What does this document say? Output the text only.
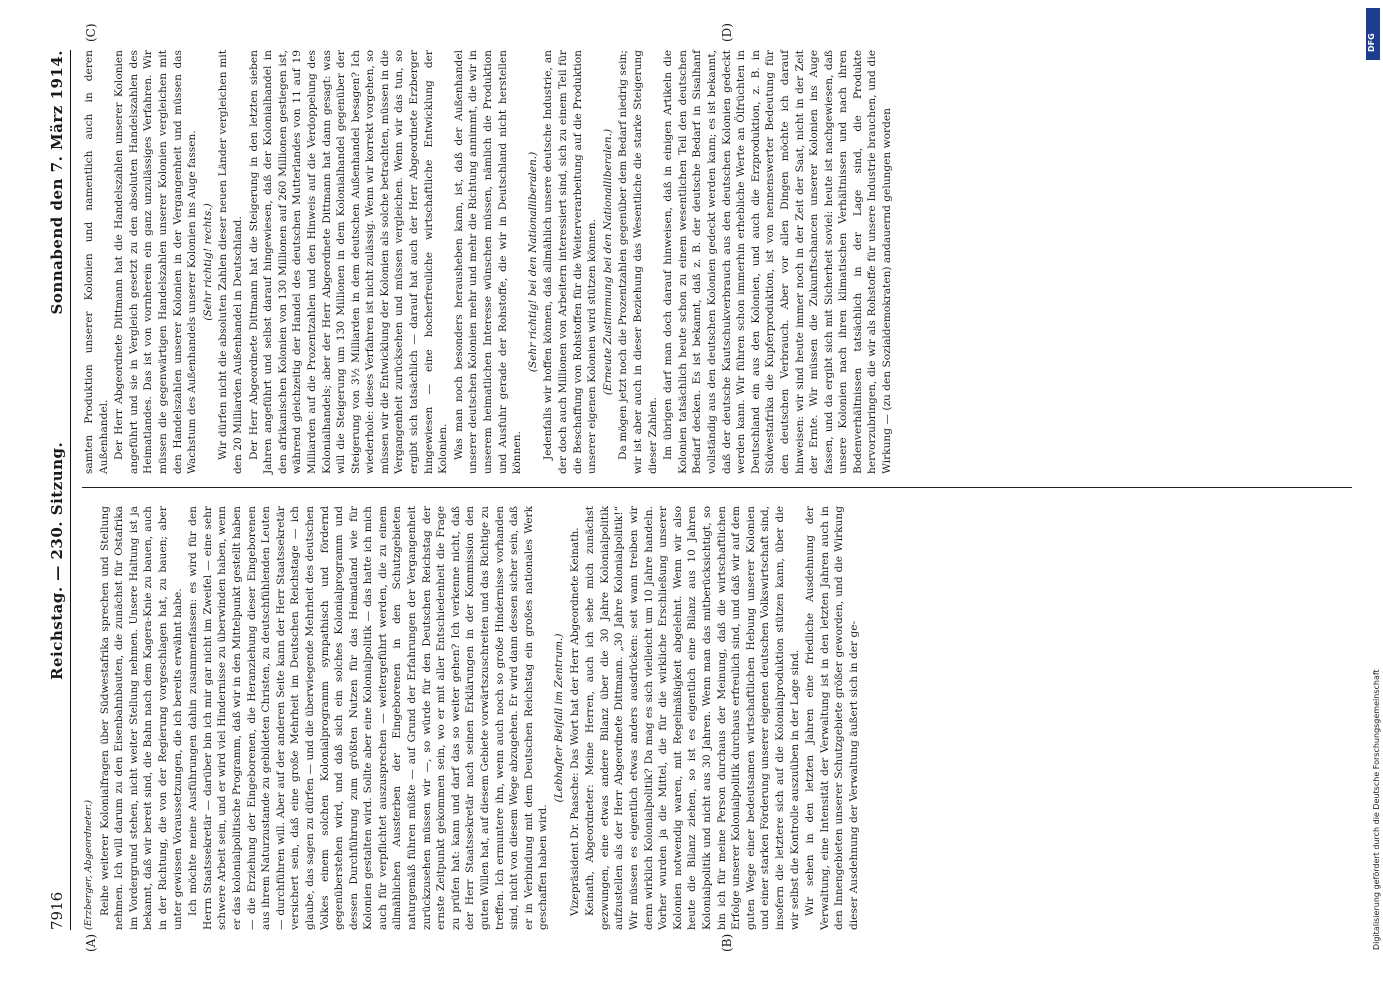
7916
Reichstag. — 230. Sitzung.
Sonnabend den 7. März 1914.
(A)	(B)
(C)	(D)

(Erzberger, Abgeordneter.) Reihe weiterer Kolonialfragen über Südwestafrika sprechen und Stellung nehmen. Ich will darum zu den Eisenbahnbauten, die zunächst für Ostafrika im Vordergrund stehen, nicht weiter Stellung nehmen. Unsere Haltung ist ja bekannt, daß wir bereit sind, die Bahn nach dem Kagera-Knie zu bauen, auch in der Richtung, die von der Regierung vorgeschlagen hat, zu bauen; aber unter gewissen Voraussetzungen, die ich bereits erwähnt habe. Ich möchte meine Ausführungen dahin zusammenfassen: es wird für den Herrn Staatssekretär — darüber bin ich mir gar nicht im Zweifel — eine sehr schwere Arbeit sein, und er wird viel Hindernisse zu überwinden haben, wenn er das kolonialpolitische Programm, daß wir in den Mittelpunkt gestellt haben — die Erziehung der Eingeborenen, die Heranziehung dieser Eingeborenen aus ihrem Naturzustande zu gebildeten Christen, zu deutschfühlenden Leuten — durchführen will. Aber auf der anderen Seite kann der Herr Staatssekretär versichert sein, daß eine große Mehrheit im Deutschen Reichstage — ich glaube, das sagen zu dürfen — und die überwiegende Mehrheit des deutschen Volkes einem solchen Kolonialprogramm sympathisch und fördernd gegenüberstehen wird, und daß sich ein solches Kolonialprogramm und dessen Durchführung zum größten Nutzen für das Heimatland wie für Kolonien gestalten wird. Sollte aber eine Kolonialpolitik — das hatte ich mich auch für verpflichtet auszusprechen — weitergeführt werden, die zu einem allmählichen Aussterben der Eingeborenen in den Schutzgebieten naturgemäß führen müßte — auf Grund der Erfahrungen der Vergangenheit zurückzusehen müssen wir —, so würde für den Deutschen Reichstag der ernste Zeitpunkt gekommen sein, wo er mit aller Entschiedenheit die Frage zu prüfen hat: kann und darf das so weiter gehen? Ich verkenne nicht, daß der Herr Staatssekretär nach seinen Erklärungen in der Kommission den guten Willen hat, auf diesem Gebiete vorwärtszuschreiten und das Richtige zu treffen. Ich ermuntere ihn, wenn auch noch so große Hindernisse vorhanden sind, nicht von diesem Wege abzugehen. Er wird dann dessen sicher sein, daß er in Verbindung mit dem Deutschen Reichstag ein großes nationales Werk geschaffen haben wird.

(Lebhafter Beifall im Zentrum.) Vizepräsident Dr. Paasche: Das Wort hat der Herr Abgeordnete Keinath. Keinath, Abgeordneter: Meine Herren, auch ich sehe mich zunächst gezwungen, eine etwas andere Bilanz über die 30 Jahre Kolonialpolitik aufzustellen als der Herr Abgeordnete Dittmann. „30 Jahre Kolonialpolitik!“ Wir müssen es eigentlich etwas anders ausdrücken: seit wann treiben wir denn wirklich Kolonialpolitik? Da mag es sich vielleicht um 10 Jahre handeln. Vorher wurden ja die Mittel, die für die wirkliche Erschließung unserer Kolonien notwendig waren, mit Regelmäßigkeit abgelehnt. Wenn wir also heute die Bilanz ziehen, so ist es eigentlich eine Bilanz aus 10 Jahren Kolonialpolitik und nicht aus 30 Jahren. Wenn man das mitberücksichtigt, so bin ich für meine Person durchaus der Meinung, daß die wirtschaftlichen Erfolge unserer Kolonialpolitik durchaus erfreulich sind, und daß wir auf dem guten Wege einer bedeutsamen wirtschaftlichen Hebung unserer Kolonien und einer starken Förderung unserer eigenen deutschen Volkswirtschaft sind, insofern die letztere sich auf die Kolonialproduktion stützen kann, über die wir selbst die Kontrolle auszuüben in der Lage sind. Wir sehen in den letzten Jahren eine friedliche Ausdehnung der Verwaltung, eine Intensität der Verwaltung ist in den letzten Jahren auch in den Innengebieten unserer Schutzgebiete größer geworden, und die Wirkung dieser Ausdehnung der Verwaltung äußert sich in der ge-

samten Produktion unserer Kolonien und namentlich auch in deren Außenhandel. Der Herr Abgeordnete Dittmann hat die Handelszahlen unserer Kolonien angeführt und sie in Vergleich gesetzt zu den absoluten Handelszahlen des Heimatlandes. Das ist von vornherein ein ganz unzulässiges Verfahren. Wir müssen die gegenwärtigen Handelszahlen unserer Kolonien vergleichen mit den Handelszahlen unserer Kolonien in der Vergangenheit und müssen das Wachstum des Außenhandels unserer Kolonien ins Auge fassen. (Sehr richtig! rechts.) Wir dürfen nicht die absoluten Zahlen dieser neuen Länder vergleichen mit den 20 Milliarden Außenhandel in Deutschland. Der Herr Abgeordnete Dittmann hat die Steigerung in den letzten sieben Jahren angeführt und selbst darauf hingewiesen, daß der Kolonialhandel in den afrikanischen Kolonien von 130 Millionen auf 260 Millionen gestiegen ist, während gleichzeitig der Handel des deutschen Mutterlandes von 11 auf 19 Milliarden auf die Prozentzahlen und den Hinweis auf die Verdoppelung des Kolonialhandels; aber der Herr Abgeordnete Dittmann hat dann gesagt: was will die Steigerung um 130 Millionen in dem Kolonialhandel gegenüber der Steigerung von 3½ Milliarden in dem deutschen Außenhandel besagen? Ich wiederhole: dieses Verfahren ist nicht zulässig. Wenn wir korrekt vorgehen, so müssen wir die Entwicklung der Kolonien als solche betrachten, müssen in die Vergangenheit zurücksehen und müssen vergleichen. Wenn wir das tun, so ergibt sich tatsächlich — darauf hat auch der Herr Abgeordnete Erzberger hingewiesen — eine hocherfreuliche wirtschaftliche Entwicklung der Kolonien. Was man noch besonders herausheben kann, ist, daß der Außenhandel unserer deutschen Kolonien mehr und mehr die Richtung annimmt, die wir in unserem heimatlichen Interesse wünschen müssen, nämlich die Produktion und Ausfuhr gerade der Rohstoffe, die wir in Deutschland nicht herstellen können.

(Sehr richtig! bei den Nationalliberalen.) Jedenfalls wir hoffen können, daß allmählich unsere deutsche Industrie, an der doch auch Millionen von Arbeitern interessiert sind, sich zu einem Teil für die Beschaffung von Rohstoffen für die Weiterverarbeitung auf die Produktion unserer eigenen Kolonien wird stützen können. (Erneute Zustimmung bei den Nationalliberalen.) Da mögen jetzt noch die Prozentzahlen gegenüber dem Bedarf niedrig sein; wir ist aber auch in dieser Beziehung das Wesentliche die starke Steigerung dieser Zahlen. Im übrigen darf man doch darauf hinweisen, daß in einigen Artikeln die Kolonien tatsächlich heute schon zu einem wesentlichen Teil den deutschen Bedarf decken. Es ist bekannt, daß z. B. der deutsche Bedarf in Sisalhanf vollständig aus den deutschen Kolonien gedeckt werden kann; es ist bekannt, daß der deutsche Kautschukverbrauch aus den deutschen Kolonien gedeckt werden kann. Wir führen schon immerhin erhebliche Werte an Ölfrüchten in Deutschland ein aus den Kolonien, und auch die Erzproduktion, z. B. in Südwestafrika die Kupferproduktion, ist von nennenswerter Bedeutung für den deutschen Verbrauch. Aber vor allen Dingen möchte ich darauf hinweisen: wir sind heute immer noch in der Zeit der Saat, nicht in der Zeit der Ernte. Wir müssen die Zukunftschancen unserer Kolonien ins Auge fassen, und da ergibt sich mit Sicherheit soviel: heute ist nachgewiesen, daß unsere Kolonien nach ihren klimatischen Verhältnissen und nach ihren Bodenverhältnissen tatsächlich in der Lage sind, die Produkte hervorzubringen, die wir als Rohstoffe für unsere Industrie brauchen, und die Wirkung — (zu den Sozialdemokraten) andauernd gelungen worden

DFG
Digitalisierung gefördert durch die Deutsche Forschungsgemeinschaft
